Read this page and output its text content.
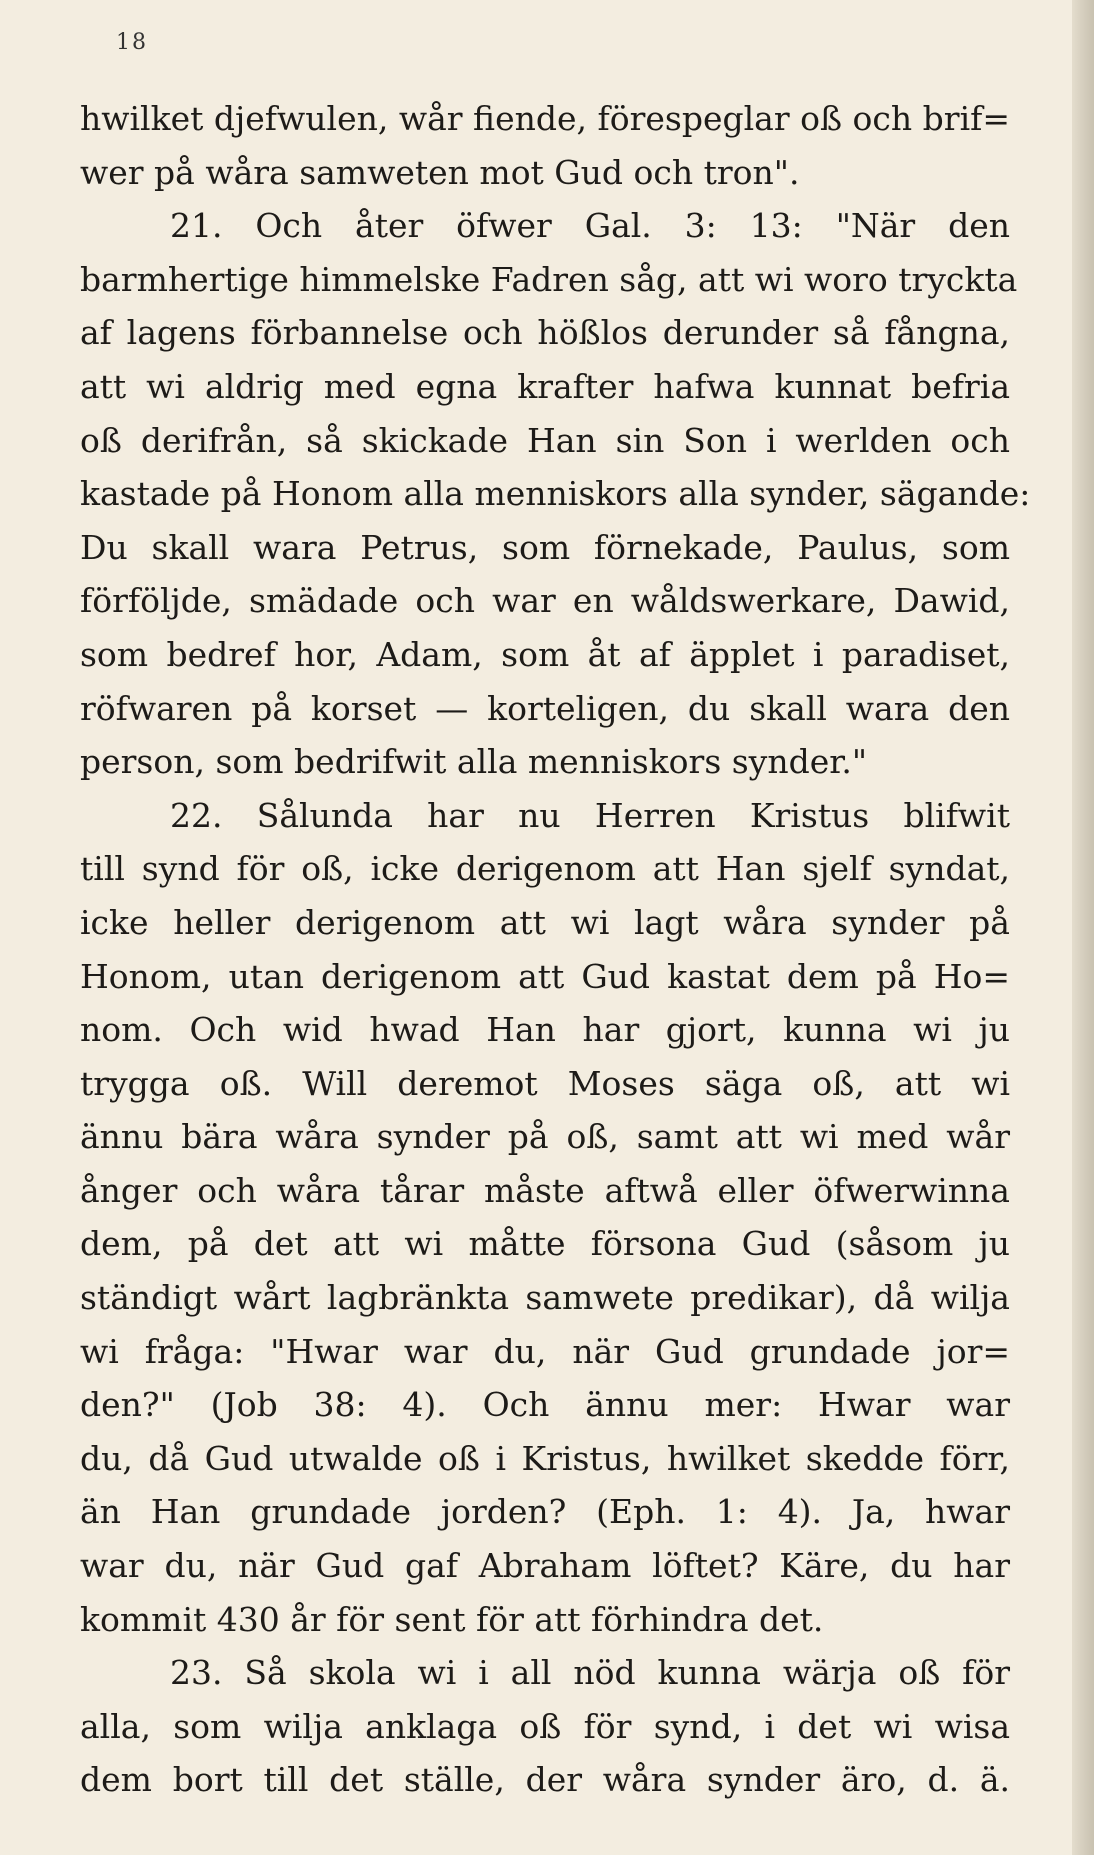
18
hwilket djefwulen, wår fiende, förespeglar oß och brif=
wer på wåra samweten mot Gud och tron".
21. Och åter öfwer Gal. 3: 13: "När den
barmhertige himmelske Fadren såg, att wi woro tryckta
af lagens förbannelse och hößlos derunder så fångna,
att wi aldrig med egna krafter hafwa kunnat befria
oß derifrån, så skickade Han sin Son i werlden och
kastade på Honom alla menniskors alla synder, sägande:
Du skall wara Petrus, som förnekade, Paulus, som
förföljde, smädade och war en wåldswerkare, Dawid,
som bedref hor, Adam, som åt af äpplet i paradiset,
röfwaren på korset — korteligen, du skall wara den
person, som bedrifwit alla menniskors synder."
22. Sålunda har nu Herren Kristus blifwit
till synd för oß, icke derigenom att Han sjelf syndat,
icke heller derigenom att wi lagt wåra synder på
Honom, utan derigenom att Gud kastat dem på Ho=
nom. Och wid hwad Han har gjort, kunna wi ju
trygga oß. Will deremot Moses säga oß, att wi
ännu bära wåra synder på oß, samt att wi med wår
ånger och wåra tårar måste aftwå eller öfwerwinna
dem, på det att wi måtte försona Gud (såsom ju
ständigt wårt lagbränkta samwete predikar), då wilja
wi fråga: "Hwar war du, när Gud grundade jor=
den?" (Job 38: 4). Och ännu mer: Hwar war
du, då Gud utwalde oß i Kristus, hwilket skedde förr,
än Han grundade jorden? (Eph. 1: 4). Ja, hwar
war du, när Gud gaf Abraham löftet? Käre, du har
kommit 430 år för sent för att förhindra det.
23. Så skola wi i all nöd kunna wärja oß för
alla, som wilja anklaga oß för synd, i det wi wisa
dem bort till det ställe, der wåra synder äro, d. ä.
